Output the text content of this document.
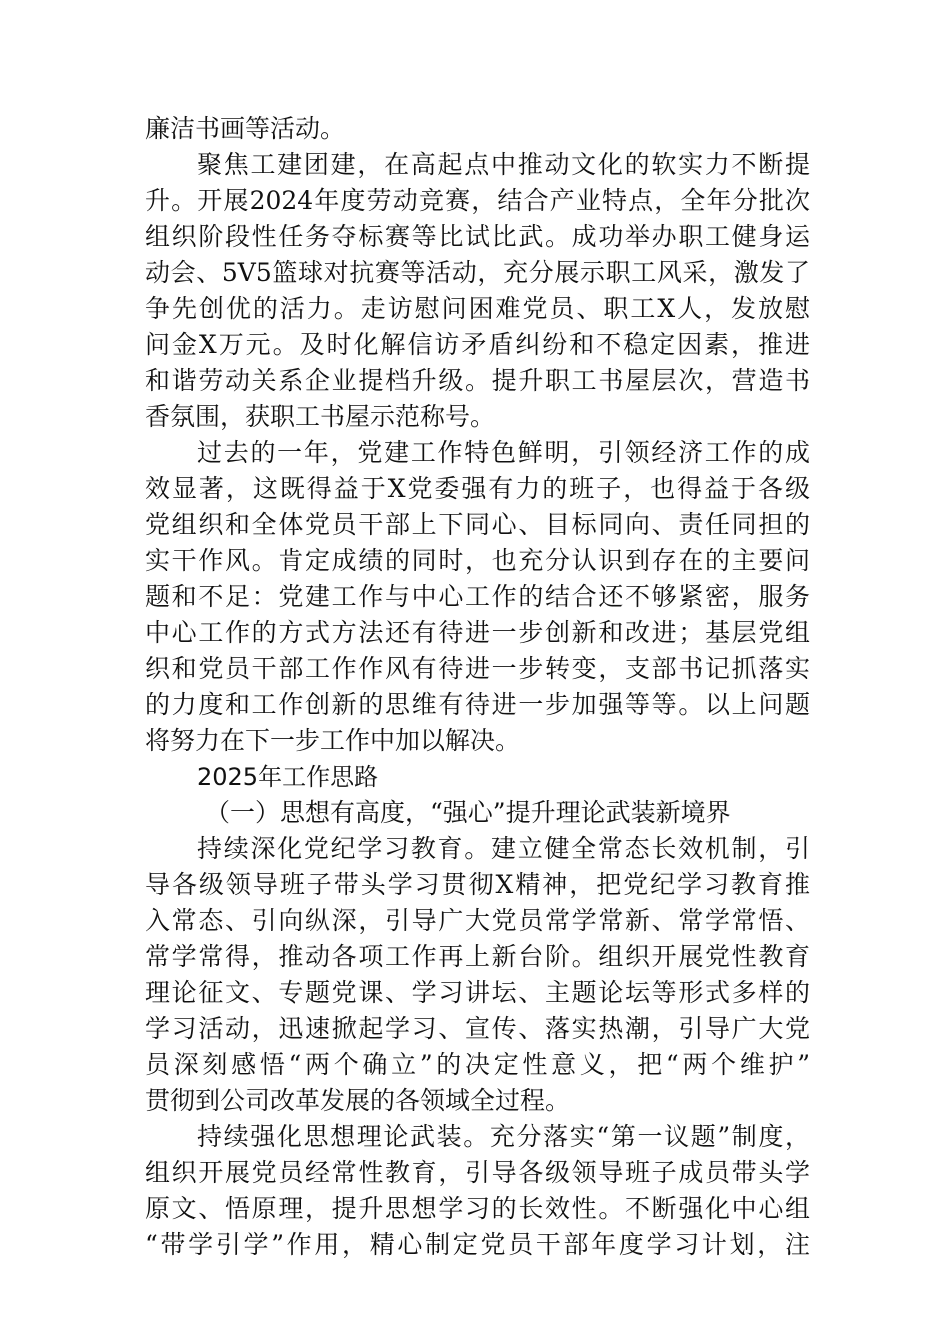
廉洁书画等活动。
聚焦工建团建，在高起点中推动文化的软实力不断提
升。开展2024年度劳动竞赛，结合产业特点，全年分批次
组织阶段性任务夺标赛等比试比武。成功举办职工健身运
动会、5V5篮球对抗赛等活动，充分展示职工风采，激发了
争先创优的活力。走访慰问困难党员、职工X人，发放慰
问金X万元。及时化解信访矛盾纠纷和不稳定因素，推进
和谐劳动关系企业提档升级。提升职工书屋层次，营造书
香氛围，获职工书屋示范称号。
过去的一年，党建工作特色鲜明，引领经济工作的成
效显著，这既得益于X党委强有力的班子，也得益于各级
党组织和全体党员干部上下同心、目标同向、责任同担的
实干作风。肯定成绩的同时，也充分认识到存在的主要问
题和不足：党建工作与中心工作的结合还不够紧密，服务
中心工作的方式方法还有待进一步创新和改进；基层党组
织和党员干部工作作风有待进一步转变，支部书记抓落实
的力度和工作创新的思维有待进一步加强等等。以上问题
将努力在下一步工作中加以解决。
2025年工作思路
（一）思想有高度，“强心”提升理论武装新境界
持续深化党纪学习教育。建立健全常态长效机制，引
导各级领导班子带头学习贯彻X精神，把党纪学习教育推
入常态、引向纵深，引导广大党员常学常新、常学常悟、
常学常得，推动各项工作再上新台阶。组织开展党性教育
理论征文、专题党课、学习讲坛、主题论坛等形式多样的
学习活动，迅速掀起学习、宣传、落实热潮，引导广大党
员深刻感悟“两个确立”的决定性意义，把“两个维护”
贯彻到公司改革发展的各领域全过程。
持续强化思想理论武装。充分落实“第一议题”制度，
组织开展党员经常性教育，引导各级领导班子成员带头学
原文、悟原理，提升思想学习的长效性。不断强化中心组
“带学引学”作用，精心制定党员干部年度学习计划，注
